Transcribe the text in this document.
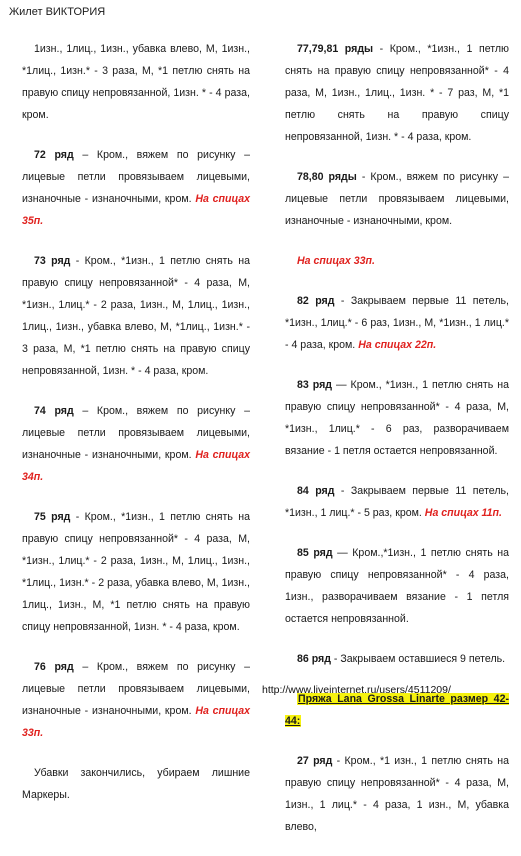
Жилет ВИКТОРИЯ

1изн., 1лиц., 1изн., убавка влево, М, 1изн., *1лиц., 1изн.* - 3 раза, М, *1 петлю снять на правую спицу непровязанной, 1изн. * - 4 раза, кром.

72 ряд – Кром., вяжем по рисунку – лицевые петли провязываем лицевыми, изнаночные - изнаночными, кром. На спицах 35п.

73 ряд - Кром., *1изн., 1 петлю снять на правую спицу непровязанной* - 4 раза, М, *1изн., 1лиц.* - 2 раза, 1изн., М, 1лиц., 1изн., 1лиц., 1изн., убавка влево, М, *1лиц., 1изн.* - 3 раза, М, *1 петлю снять на правую спицу непровязанной, 1изн. * - 4 раза, кром.

74 ряд – Кром., вяжем по рисунку – лицевые петли провязываем лицевыми, изнаночные - изнаночными, кром. На спицах 34п.

75 ряд - Кром., *1изн., 1 петлю снять на правую спицу непровязанной* - 4 раза, М, *1изн., 1лиц.* - 2 раза, 1изн., М, 1лиц., 1изн., *1лиц., 1изн.* - 2 раза, убавка влево, М, 1изн., 1лиц., 1изн., М, *1 петлю снять на правую спицу непровязанной, 1изн. * - 4 раза, кром.

76 ряд – Кром., вяжем по рисунку – лицевые петли провязываем лицевыми, изнаночные - изнаночными, кром. На спицах 33п.

Убавки закончились, убираем лишние Маркеры.

77,79,81 ряды - Кром., *1изн., 1 петлю снять на правую спицу непровязанной* - 4 раза, М, 1изн., 1лиц., 1изн. * - 7 раз, М, *1 петлю снять на правую спицу непровязанной, 1изн. * - 4 раза, кром.

78,80 ряды - Кром., вяжем по рисунку – лицевые петли провязываем лицевыми, изнаночные - изнаночными, кром.

На спицах 33п.

82 ряд - Закрываем первые 11 петель, *1изн., 1лиц.* - 6 раз, 1изн., М, *1изн., 1 лиц.* - 4 раза, кром. На спицах 22п.

83 ряд — Кром., *1изн., 1 петлю снять на правую спицу непровязанной* - 4 раза, М, *1изн., 1лиц.* - 6 раз, разворачиваем вязание - 1 петля остается непровязанной.

84 ряд - Закрываем первые 11 петель, *1изн., 1 лиц.* - 5 раз, кром. На спицах 11п.

85 ряд — Кром.,*1изн., 1 петлю снять на правую спицу непровязанной* - 4 раза, 1изн., разворачиваем вязание - 1 петля остается непровязанной.

86 ряд - Закрываем оставшиеся 9 петель.

Пряжа Lana Grossa Linarte размер 42-44:

27 ряд - Кром., *1 изн., 1 петлю снять на правую спицу непровязанной* - 4 раза, М, 1изн., 1 лиц.* - 4 раза, 1 изн., М, убавка влево,

http://www.liveinternet.ru/users/4511209/
